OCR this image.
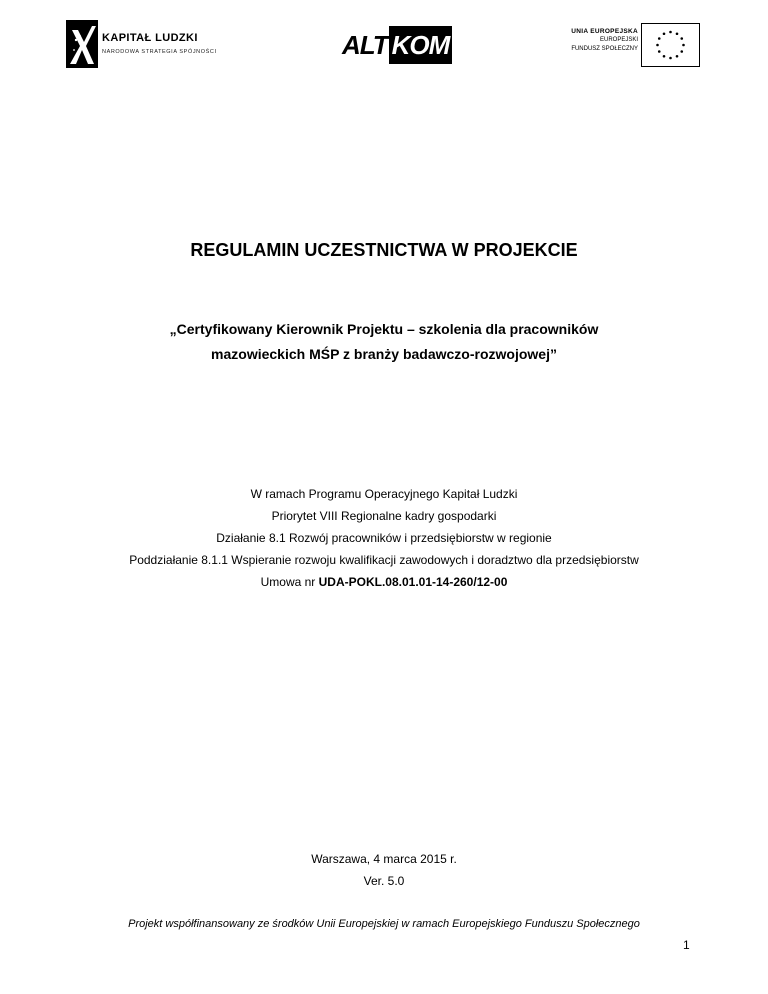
KAPITAŁ LUDZKI
NARODOWA STRATEGIA SPÓJNOŚCI	ALT KOM	UNIA EUROPEJSKA
EUROPEJSKI
FUNDUSZ SPOŁECZNY
REGULAMIN UCZESTNICTWA W PROJEKCIE
„Certyfikowany Kierownik Projektu – szkolenia dla pracowników
mazowieckich MŚP z branży badawczo-rozwojowej”
W ramach Programu Operacyjnego Kapitał Ludzki
Priorytet VIII Regionalne kadry gospodarki
Działanie 8.1 Rozwój pracowników i przedsiębiorstw w regionie
Poddziałanie 8.1.1 Wspieranie rozwoju kwalifikacji zawodowych i doradztwo dla przedsiębiorstw
Umowa nr UDA-POKL.08.01.01-14-260/12-00
Warszawa, 4 marca 2015 r.
Ver. 5.0
Projekt współfinansowany ze środków Unii Europejskiej w ramach Europejskiego Funduszu Społecznego
1
